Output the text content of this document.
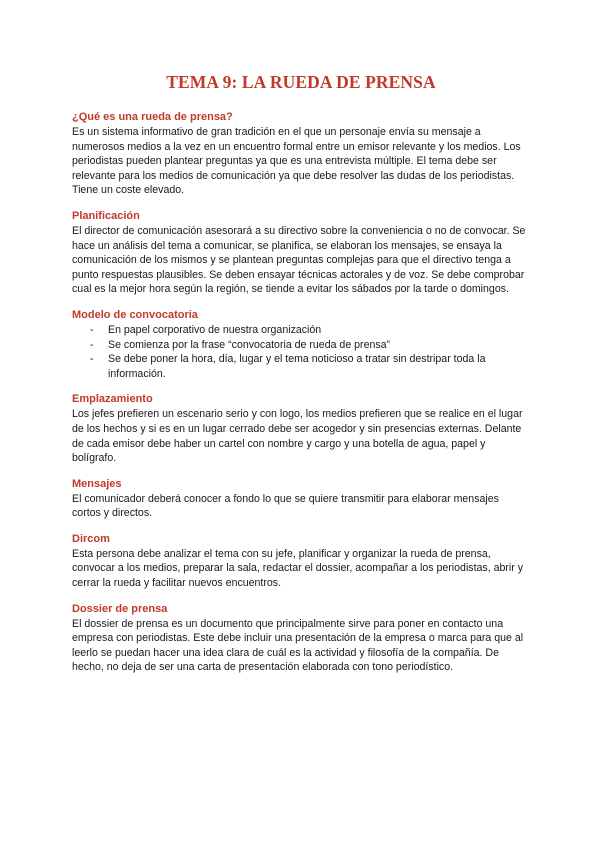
TEMA 9: LA RUEDA DE PRENSA

¿Qué es una rueda de prensa?

Es un sistema informativo de gran tradición en el que un personaje envía su mensaje a numerosos medios a la vez en un encuentro formal entre un emisor relevante y los medios. Los periodistas pueden plantear preguntas ya que es una entrevista múltiple. El tema debe ser relevante para los medios de comunicación ya que debe resolver las dudas de los periodistas. Tiene un coste elevado.

Planificación

El director de comunicación asesorará a su directivo sobre la conveniencia o no de convocar. Se hace un análisis del tema a comunicar, se planifica, se elaboran los mensajes, se ensaya la comunicación de los mismos y se plantean preguntas complejas para que el directivo tenga a punto respuestas plausibles. Se deben ensayar técnicas actorales y de voz. Se debe comprobar cual es la mejor hora según la región, se tiende a evitar los sábados por la tarde o domingos.

Modelo de convocatoria

- En papel corporativo de nuestra organización
- Se comienza por la frase “convocatoria de rueda de prensa”
- Se debe poner la hora, día, lugar y el tema noticioso a tratar sin destripar toda la información.

Emplazamiento

Los jefes prefieren un escenario serio y con logo, los medios prefieren que se realice en el lugar de los hechos y si es en un lugar cerrado debe ser acogedor y sin presencias externas. Delante de cada emisor debe haber un cartel con nombre y cargo y una botella de agua, papel y bolígrafo.

Mensajes

El comunicador deberá conocer a fondo lo que se quiere transmitir para elaborar mensajes cortos y directos.

Dircom

Esta persona debe analizar el tema con su jefe, planificar y organizar la rueda de prensa, convocar a los medios, preparar la sala, redactar el dossier, acompañar a los periodistas, abrir y cerrar la rueda y facilitar nuevos encuentros.

Dossier de prensa

El dossier de prensa es un documento que principalmente sirve para poner en contacto una empresa con periodistas. Este debe incluir una presentación de la empresa o marca para que al leerlo se puedan hacer una idea clara de cuál es la actividad y filosofía de la compañía. De hecho, no deja de ser una carta de presentación elaborada con tono periodístico.
